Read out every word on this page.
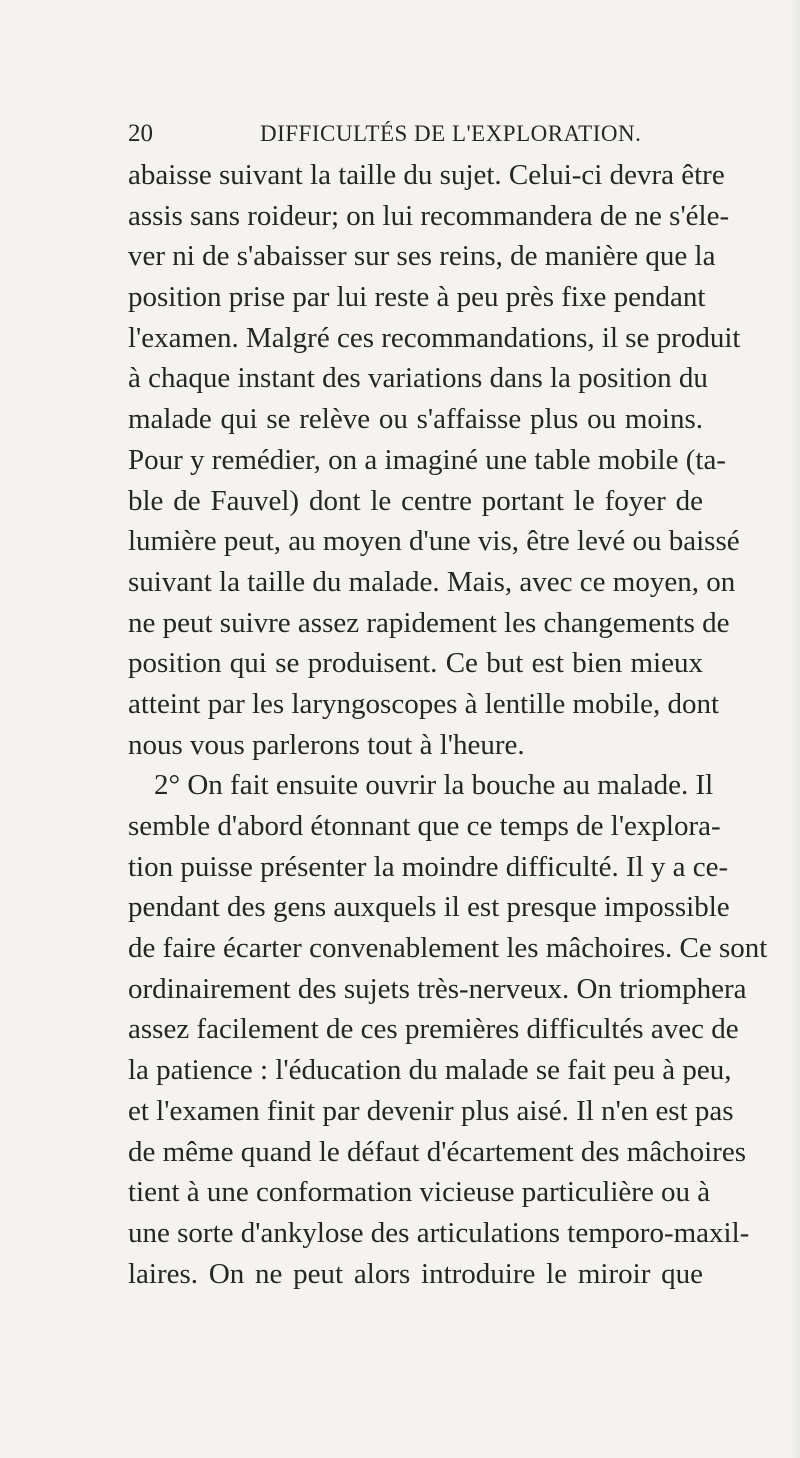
20	DIFFICULTÉS DE L'EXPLORATION.
abaisse suivant la taille du sujet. Celui-ci devra être
assis sans roideur; on lui recommandera de ne s'éle-
ver ni de s'abaisser sur ses reins, de manière que la
position prise par lui reste à peu près fixe pendant
l'examen. Malgré ces recommandations, il se produit
à chaque instant des variations dans la position du
malade qui se relève ou s'affaisse plus ou moins.
Pour y remédier, on a imaginé une table mobile (ta-
ble de Fauvel) dont le centre portant le foyer de
lumière peut, au moyen d'une vis, être levé ou baissé
suivant la taille du malade. Mais, avec ce moyen, on
ne peut suivre assez rapidement les changements de
position qui se produisent. Ce but est bien mieux
atteint par les laryngoscopes à lentille mobile, dont
nous vous parlerons tout à l'heure.
2° On fait ensuite ouvrir la bouche au malade. Il
semble d'abord étonnant que ce temps de l'explora-
tion puisse présenter la moindre difficulté. Il y a ce-
pendant des gens auxquels il est presque impossible
de faire écarter convenablement les mâchoires. Ce sont
ordinairement des sujets très-nerveux. On triomphera
assez facilement de ces premières difficultés avec de
la patience : l'éducation du malade se fait peu à peu,
et l'examen finit par devenir plus aisé. Il n'en est pas
de même quand le défaut d'écartement des mâchoires
tient à une conformation vicieuse particulière ou à
une sorte d'ankylose des articulations temporo-maxil-
laires. On ne peut alors introduire le miroir que
